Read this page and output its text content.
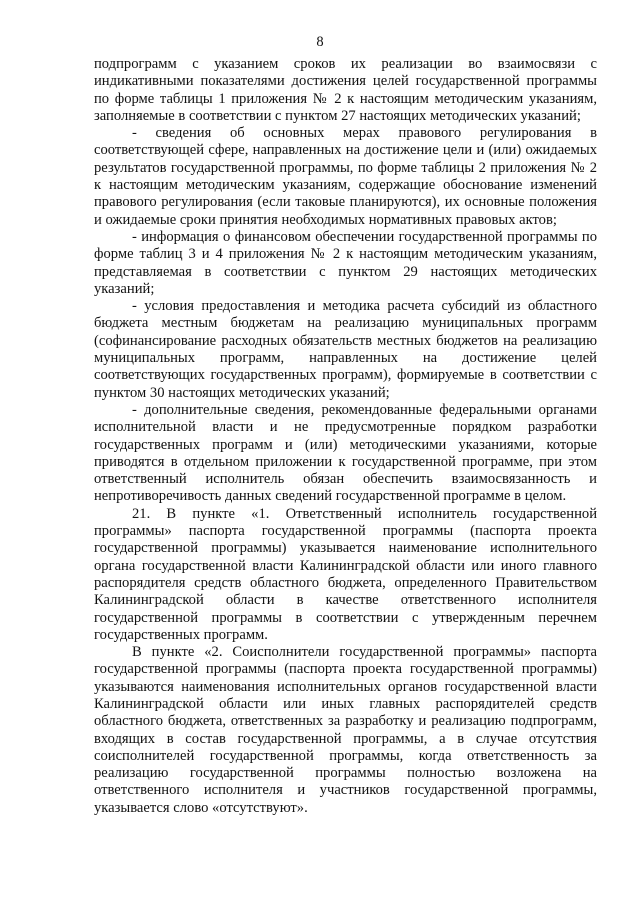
8

подпрограмм с указанием сроков их реализации во взаимосвязи с индикативными показателями достижения целей государственной программы по форме таблицы 1 приложения № 2 к настоящим методическим указаниям, заполняемые в соответствии с пунктом 27 настоящих методических указаний;

- сведения об основных мерах правового регулирования в соответствующей сфере, направленных на достижение цели и (или) ожидаемых результатов государственной программы, по форме таблицы 2 приложения № 2 к настоящим методическим указаниям, содержащие обоснование изменений правового регулирования (если таковые планируются), их основные положения и ожидаемые сроки принятия необходимых нормативных правовых актов;

- информация о финансовом обеспечении государственной программы по форме таблиц 3 и 4 приложения № 2 к настоящим методическим указаниям, представляемая в соответствии с пунктом 29 настоящих методических указаний;

- условия предоставления и методика расчета субсидий из областного бюджета местным бюджетам на реализацию муниципальных программ (софинансирование расходных обязательств местных бюджетов на реализацию муниципальных программ, направленных на достижение целей соответствующих государственных программ), формируемые в соответствии с пунктом 30 настоящих методических указаний;

- дополнительные сведения, рекомендованные федеральными органами исполнительной власти и не предусмотренные порядком разработки государственных программ и (или) методическими указаниями, которые приводятся в отдельном приложении к государственной программе, при этом ответственный исполнитель обязан обеспечить взаимосвязанность и непротиворечивость данных сведений государственной программе в целом.

21. В пункте «1. Ответственный исполнитель государственной программы» паспорта государственной программы (паспорта проекта государственной программы) указывается наименование исполнительного органа государственной власти Калининградской области или иного главного распорядителя средств областного бюджета, определенного Правительством Калининградской области в качестве ответственного исполнителя государственной программы в соответствии с утвержденным перечнем государственных программ.

В пункте «2. Соисполнители государственной программы» паспорта государственной программы (паспорта проекта государственной программы) указываются наименования исполнительных органов государственной власти Калининградской области или иных главных распорядителей средств областного бюджета, ответственных за разработку и реализацию подпрограмм, входящих в состав государственной программы, а в случае отсутствия соисполнителей государственной программы, когда ответственность за реализацию государственной программы полностью возложена на ответственного исполнителя и участников государственной программы, указывается слово «отсутствуют».
